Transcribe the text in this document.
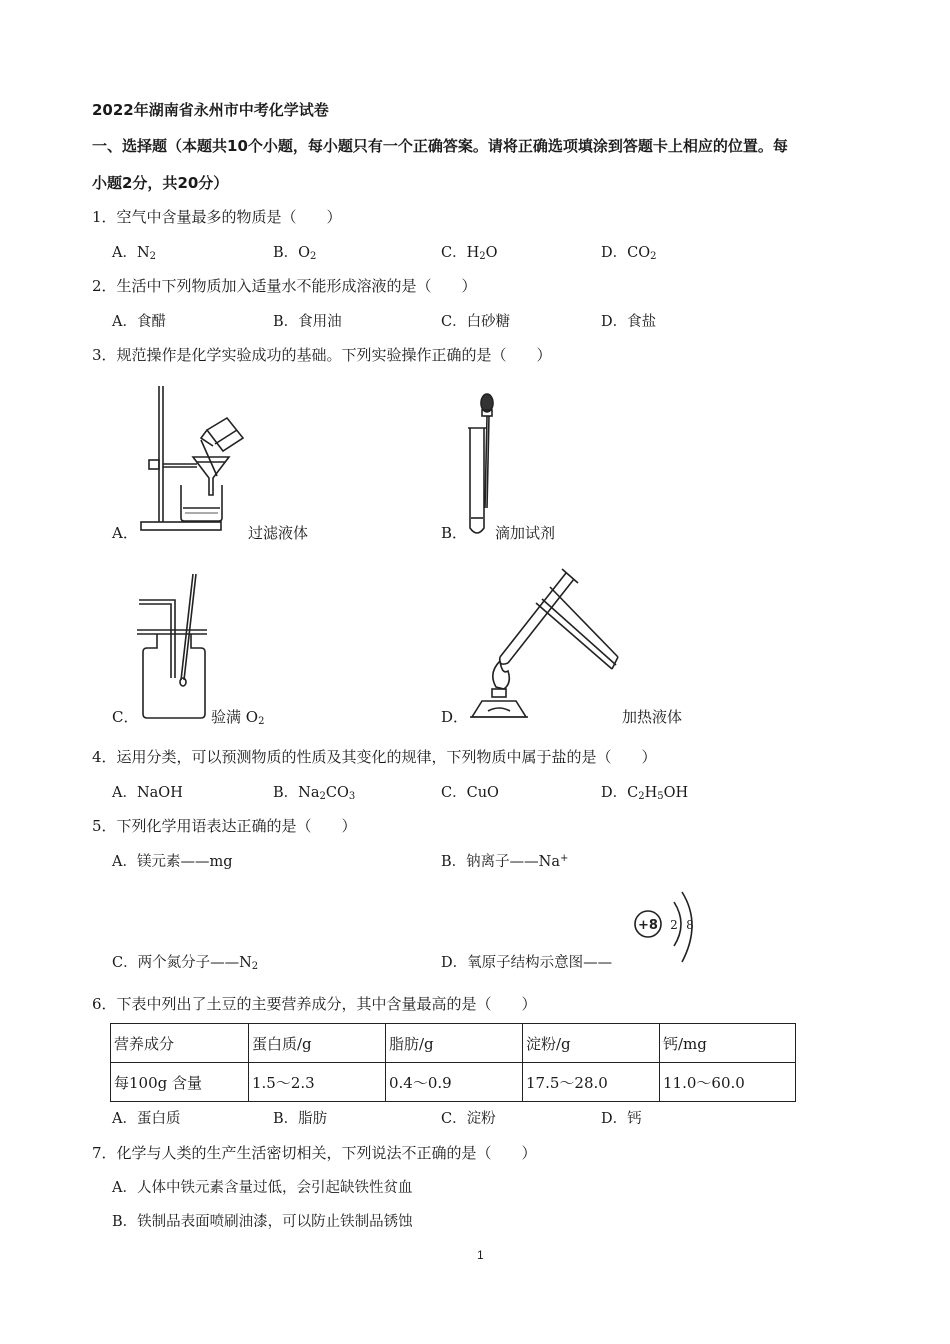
2022年湖南省永州市中考化学试卷
一、选择题（本题共10个小题，每小题只有一个正确答案。请将正确选项填涂到答题卡上相应的位置。每
小题2分，共20分）
1．空气中含量最多的物质是（　　）
A．$N_2$	B．$O_2$	C．$H_2O$	D．$CO_2$
2．生活中下列物质加入适量水不能形成溶液的是（　　）
A．食醋	B．食用油	C．白砂糖	D．食盐
3．规范操作是化学实验成功的基础。下列实验操作正确的是（　　）
A．	过滤液体	B． 滴加试剂
C．	验满 $O_2$	D．	加热液体
4．运用分类，可以预测物质的性质及其变化的规律，下列物质中属于盐的是（　　）
A．NaOH	B．$Na_2CO_3$	C．CuO	D．$C_2H_5OH$
5．下列化学用语表达正确的是（　　）
A．镁元素——mg	B．钠离子——Na+
C．两个氮分子$——N_2$	D．氧原子结构示意图——
+8 2 8
6．下表中列出了土豆的主要营养成分，其中含量最高的是（　　）
营养成分	蛋白质/g	脂肪/g	淀粉/g	钙/mg
每100g 含量	1.5～2.3	0.4～0.9	17.5～28.0	11.0～60.0
A．蛋白质	B．脂肪	C．淀粉	D．钙
7．化学与人类的生产生活密切相关，下列说法不正确的是（　　）
A．人体中铁元素含量过低，会引起缺铁性贫血
B．铁制品表面喷刷油漆，可以防止铁制品锈蚀
1
